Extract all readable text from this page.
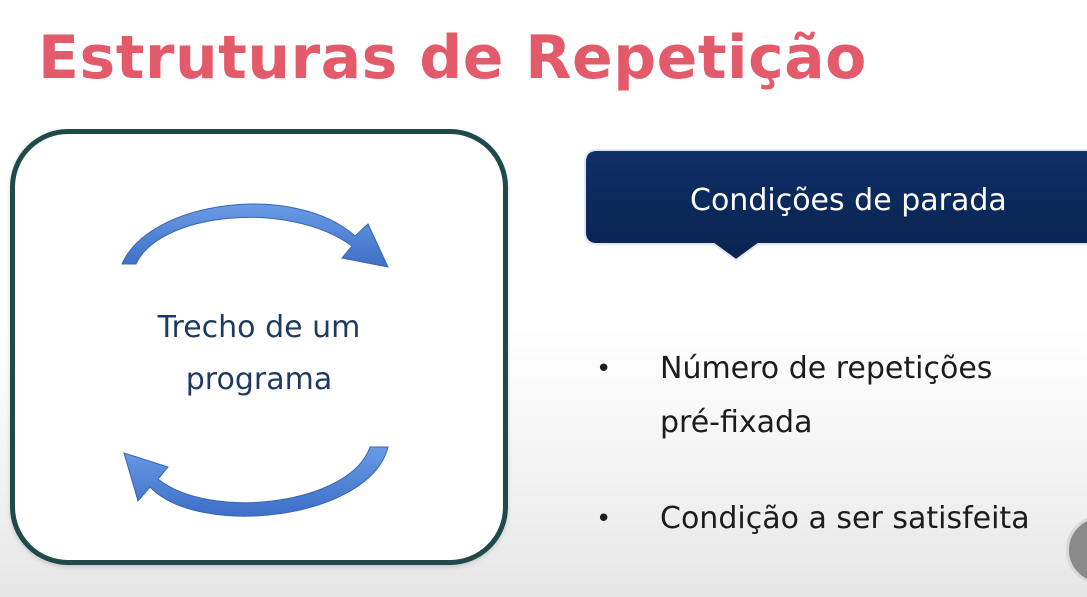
Estruturas de Repetição
Trecho de um
programa
Condições de parada
• Número de repetições
pré-fixada
• Condição a ser satisfeita
